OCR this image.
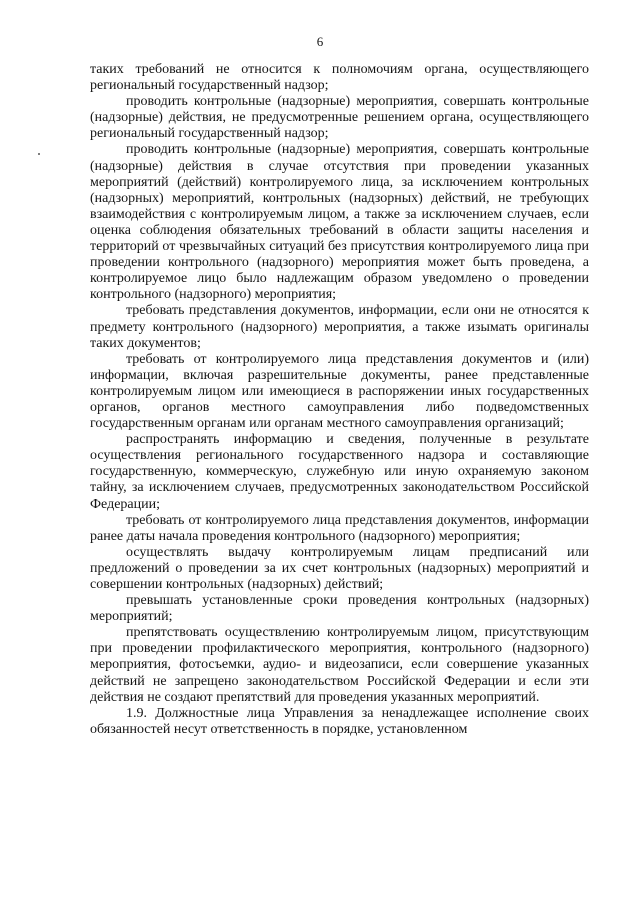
6

таких требований не относится к полномочиям органа, осуществляющего региональный государственный надзор;

проводить контрольные (надзорные) мероприятия, совершать контрольные (надзорные) действия, не предусмотренные решением органа, осуществляющего региональный государственный надзор;

проводить контрольные (надзорные) мероприятия, совершать контрольные (надзорные) действия в случае отсутствия при проведении указанных мероприятий (действий) контролируемого лица, за исключением контрольных (надзорных) мероприятий, контрольных (надзорных) действий, не требующих взаимодействия с контролируемым лицом, а также за исключением случаев, если оценка соблюдения обязательных требований в области защиты населения и территорий от чрезвычайных ситуаций без присутствия контролируемого лица при проведении контрольного (надзорного) мероприятия может быть проведена, а контролируемое лицо было надлежащим образом уведомлено о проведении контрольного (надзорного) мероприятия;

требовать представления документов, информации, если они не относятся к предмету контрольного (надзорного) мероприятия, а также изымать оригиналы таких документов;

требовать от контролируемого лица представления документов и (или) информации, включая разрешительные документы, ранее представленные контролируемым лицом или имеющиеся в распоряжении иных государственных органов, органов местного самоуправления либо подведомственных государственным органам или органам местного самоуправления организаций;

распространять информацию и сведения, полученные в результате осуществления регионального государственного надзора и составляющие государственную, коммерческую, служебную или иную охраняемую законом тайну, за исключением случаев, предусмотренных законодательством Российской Федерации;

требовать от контролируемого лица представления документов, информации ранее даты начала проведения контрольного (надзорного) мероприятия;

осуществлять выдачу контролируемым лицам предписаний или предложений о проведении за их счет контрольных (надзорных) мероприятий и совершении контрольных (надзорных) действий;

превышать установленные сроки проведения контрольных (надзорных) мероприятий;

препятствовать осуществлению контролируемым лицом, присутствующим при проведении профилактического мероприятия, контрольного (надзорного) мероприятия, фотосъемки, аудио- и видеозаписи, если совершение указанных действий не запрещено законодательством Российской Федерации и если эти действия не создают препятствий для проведения указанных мероприятий.

1.9. Должностные лица Управления за ненадлежащее исполнение своих обязанностей несут ответственность в порядке, установленном
